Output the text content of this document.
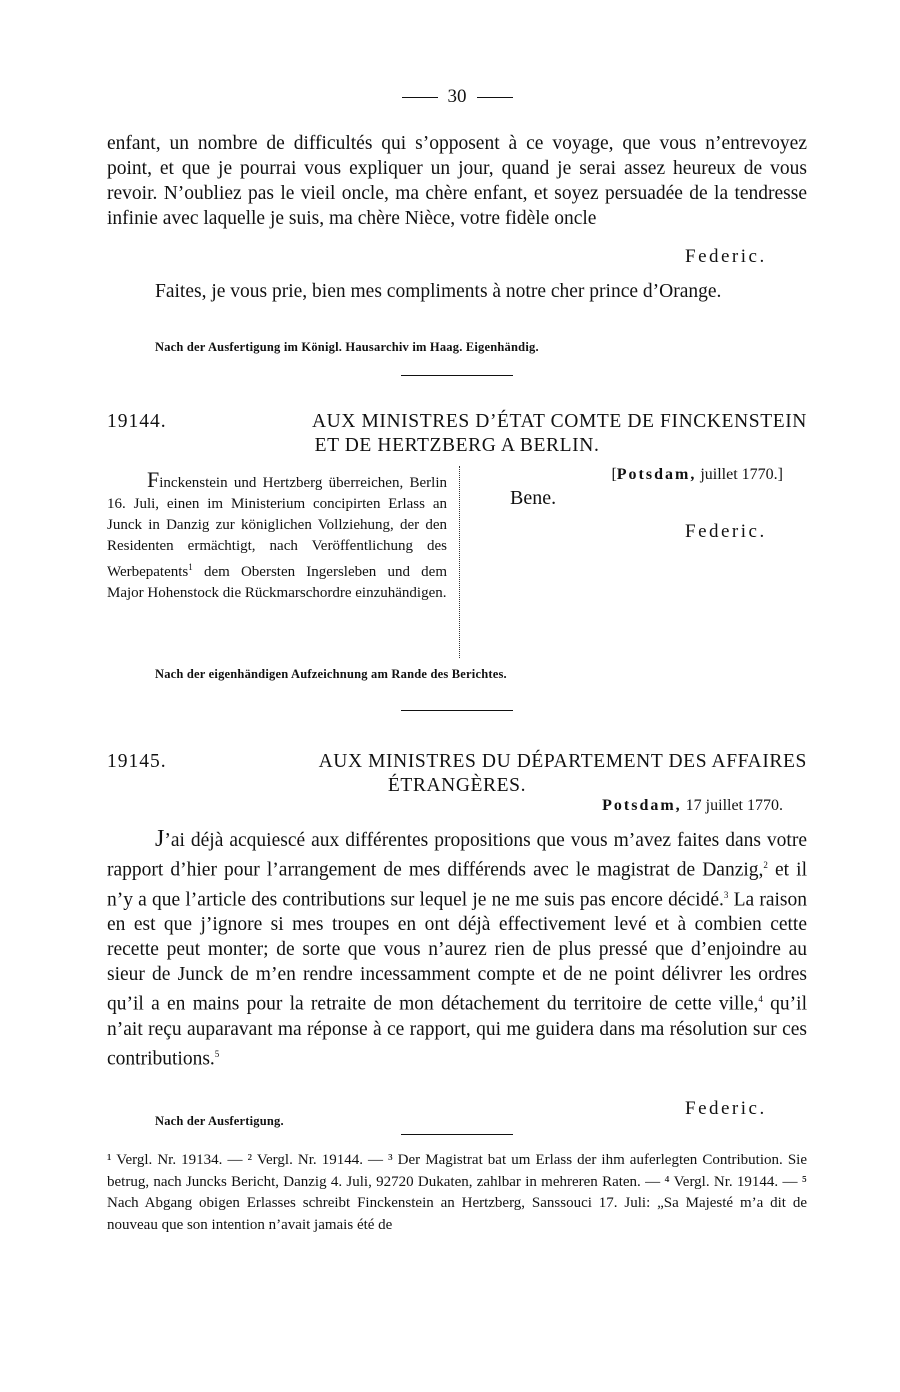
30
enfant, un nombre de difficultés qui s’opposent à ce voyage, que vous n’entrevoyez point, et que je pourrai vous expliquer un jour, quand je serai assez heureux de vous revoir. N’oubliez pas le vieil oncle, ma chère enfant, et soyez persuadée de la tendresse infinie avec laquelle je suis, ma chère Nièce, votre fidèle oncle
Federic.
Faites, je vous prie, bien mes compliments à notre cher prince d’Orange.
Nach der Ausfertigung im Königl. Hausarchiv im Haag. Eigenhändig.
19144.	AUX MINISTRES D’ÉTAT COMTE DE FINCKENSTEIN
ET DE HERTZBERG A BERLIN.
Finckenstein und Hertzberg überreichen, Berlin 16. Juli, einen im Ministerium concipirten Erlass an Junck in Danzig zur königlichen Vollziehung, der den Residenten ermächtigt, nach Veröffentlichung des Werbepatents$^1$ dem Obersten Ingersleben und dem Major Hohenstock die Rückmarschordre einzuhändigen.
[Potsdam, juillet 1770.]
Bene.
Federic.
Nach der eigenhändigen Aufzeichnung am Rande des Berichtes.
19145.	AUX MINISTRES DU DÉPARTEMENT DES AFFAIRES
ÉTRANGÈRES.
Potsdam, 17 juillet 1770.
J’ai déjà acquiescé aux différentes propositions que vous m’avez faites dans votre rapport d’hier pour l’arrangement de mes différends avec le magistrat de Danzig,$^2$ et il n’y a que l’article des contributions sur lequel je ne me suis pas encore décidé.$^3$ La raison en est que j’ignore si mes troupes en ont déjà effectivement levé et à combien cette recette peut monter; de sorte que vous n’aurez rien de plus pressé que d’enjoindre au sieur de Junck de m’en rendre incessamment compte et de ne point délivrer les ordres qu’il a en mains pour la retraite de mon détachement du territoire de cette ville,$^4$ qu’il n’ait reçu auparavant ma réponse à ce rapport, qui me guidera dans ma résolution sur ces contributions.$^5$
Federic.
Nach der Ausfertigung.
¹ Vergl. Nr. 19134. — ² Vergl. Nr. 19144. — ³ Der Magistrat bat um Erlass der ihm auferlegten Contribution. Sie betrug, nach Juncks Bericht, Danzig 4. Juli, 92720 Dukaten, zahlbar in mehreren Raten. — ⁴ Vergl. Nr. 19144. — ⁵ Nach Abgang obigen Erlasses schreibt Finckenstein an Hertzberg, Sanssouci 17. Juli: „Sa Majesté m’a dit de nouveau que son intention n’avait jamais été de
